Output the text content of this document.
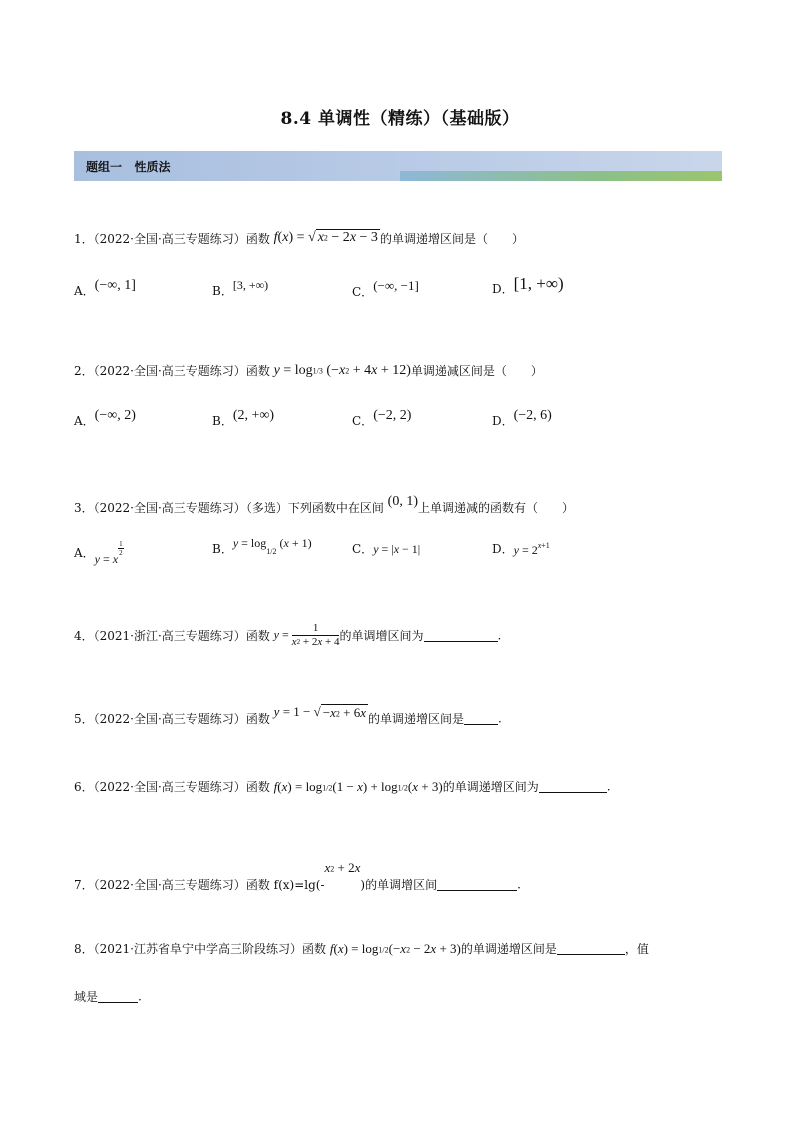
8.4 单调性（精练）（基础版）
题组一   性质法
1．（2022·全国·高三专题练习）函数 f(x) = √ x2 − 2x − 3 的单调递增区间是（　　）
A．(−∞, 1]	B．[3, +∞)	C．(−∞, −1]	D．[1, +∞)
2．（2022·全国·高三专题练习）函数 y = log1/3 (−x2 + 4x + 12)单调递减区间是（　　）
A．(−∞, 2)	B．(2, +∞)	C．(−2, 2)	D．(−2, 6)
3．（2022·全国·高三专题练习）（多选）下列函数中在区间 (0, 1)上单调递减的函数有（　　）
A．y = x
$\frac{1}{2}$	B．$y = \log_{1/2} (x + 1)$	C．y = |x − 1|	D．$y = 2^{x+1}$
4．（2021·浙江·高三专题练习）函数 $y = \frac{1}{x2 + 2x + 4}$ 的单调增区间为	.
5．（2022·全国·高三专题练习）函数 y = 1 − √ −x2 + 6x 的单调递增区间是	.
6．（2022·全国·高三专题练习）函数 f(x) = log1/2(1 − x) + log1/2(x + 3)的单调递增区间为	.
7．（2022·全国·高三专题练习）函数 f(x)=lg(-x2 + 2x)的单调增区间	.
8．（2021·江苏省阜宁中学高三阶段练习）函数 f(x) = log1/2(−x2 − 2x + 3)的单调递增区间是	，值
域是	.
